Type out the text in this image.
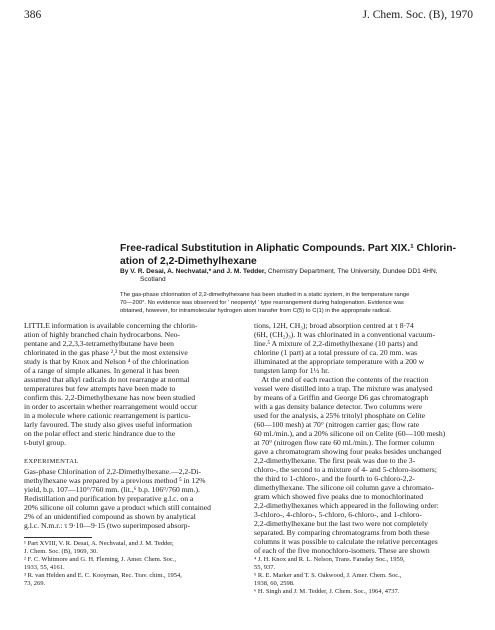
386	J. Chem. Soc. (B), 1970
Free-radical Substitution in Aliphatic Compounds. Part XIX.¹ Chlorin-
ation of 2,2-Dimethylhexane
By V. R. Desai, A. Nechvatal,* and J. M. Tedder, Chemistry Department, The University, Dundee DD1 4HN,
Scotland
The gas-phase chlorination of 2,2-dimethylhexane has been studied in a static system, in the temperature range
70—200°. No evidence was observed for ‘ neopentyl ’ type rearrangement during halogenation. Evidence was
obtained, however, for intramolecular hydrogen atom transfer from C(5) to C(1) in the appropriate radical.
LITTLE information is available concerning the chlorin-
ation of highly branched chain hydrocarbons. Neo-
pentane and 2,2,3,3-tetramethylbutane have been
chlorinated in the gas phase ²,³ but the most extensive
study is that by Knox and Nelson ⁴ of the chlorination
of a range of simple alkanes. In general it has been
assumed that alkyl radicals do not rearrange at normal
temperatures but few attempts have been made to
confirm this. 2,2-Dimethylhexane has now been studied
in order to ascertain whether rearrangement would occur
in a molecule where cationic rearrangement is particu-
larly favoured. The study also gives useful information
on the polar effect and steric hindrance due to the
t-butyl group.
EXPERIMENTAL
Gas-phase Chlorination of 2,2-Dimethylhexane.—2,2-Di-
methylhexane was prepared by a previous method ⁵ in 12%
yield, b.p. 107—110°/760 mm. (lit.,⁶ b.p. 106°/760 mm.).
Redistillation and purification by preparative g.l.c. on a
20% silicone oil column gave a product which still contained
2% of an unidentified compound as shown by analytical
g.l.c. N.m.r.: τ 9·10—9·15 (two superimposed absorp-
¹ Part XVIII, V. R. Desai, A. Nechvatal, and J. M. Tedder,
J. Chem. Soc. (B), 1969, 30.
² F. C. Whitmore and G. H. Fleming, J. Amer. Chem. Soc.,
1933, 55, 4161.
³ R. van Helden and E. C. Kooyman, Rec. Trav. chim., 1954,
73, 269.
tions, 12H, CH₃); broad absorption centred at τ 8·74
(6H, (CH₂)₃). It was chlorinated in a conventional vacuum-
line.⁵ A mixture of 2,2-dimethylhexane (10 parts) and
chlorine (1 part) at a total pressure of ca. 20 mm. was
illuminated at the appropriate temperature with a 200 w
tungsten lamp for 1½ hr.
At the end of each reaction the contents of the reaction
vessel were distilled into a trap. The mixture was analysed
by means of a Griffin and George D6 gas chromatograph
with a gas density balance detector. Two columns were
used for the analysis, a 25% tritolyl phosphate on Celite
(60—100 mesh) at 70° (nitrogen carrier gas; flow rate
60 ml./min.), and a 20% silicone oil on Celite (60—100 mesh)
at 70° (nitrogen flow rate 60 ml./min.). The former column
gave a chromatogram showing four peaks besides unchanged
2,2-dimethylhexane. The first peak was due to the 3-
chloro-, the second to a mixture of 4- and 5-chloro-isomers;
the third to 1-chloro-, and the fourth to 6-chloro-2,2-
dimethylhexane. The silicone oil column gave a chromato-
gram which showed five peaks due to monochlorinated
2,2-dimethylhexanes which appeared in the following order:
3-chloro-, 4-chloro-, 5-chloro, 6-chloro-, and 1-chloro-
2,2-dimethylhexane but the last two were not completely
separated. By comparing chromatograms from both these
columns it was possible to calculate the relative percentages
of each of the five monochloro-isomers. These are shown
⁴ J. H. Knox and R. L. Nelson, Trans. Faraday Soc., 1959,
55, 937.
⁵ R. E. Marker and T. S. Oakwood, J. Amer. Chem. Soc.,
1938, 60, 2598.
⁶ H. Singh and J. M. Tedder, J. Chem. Soc., 1964, 4737.
